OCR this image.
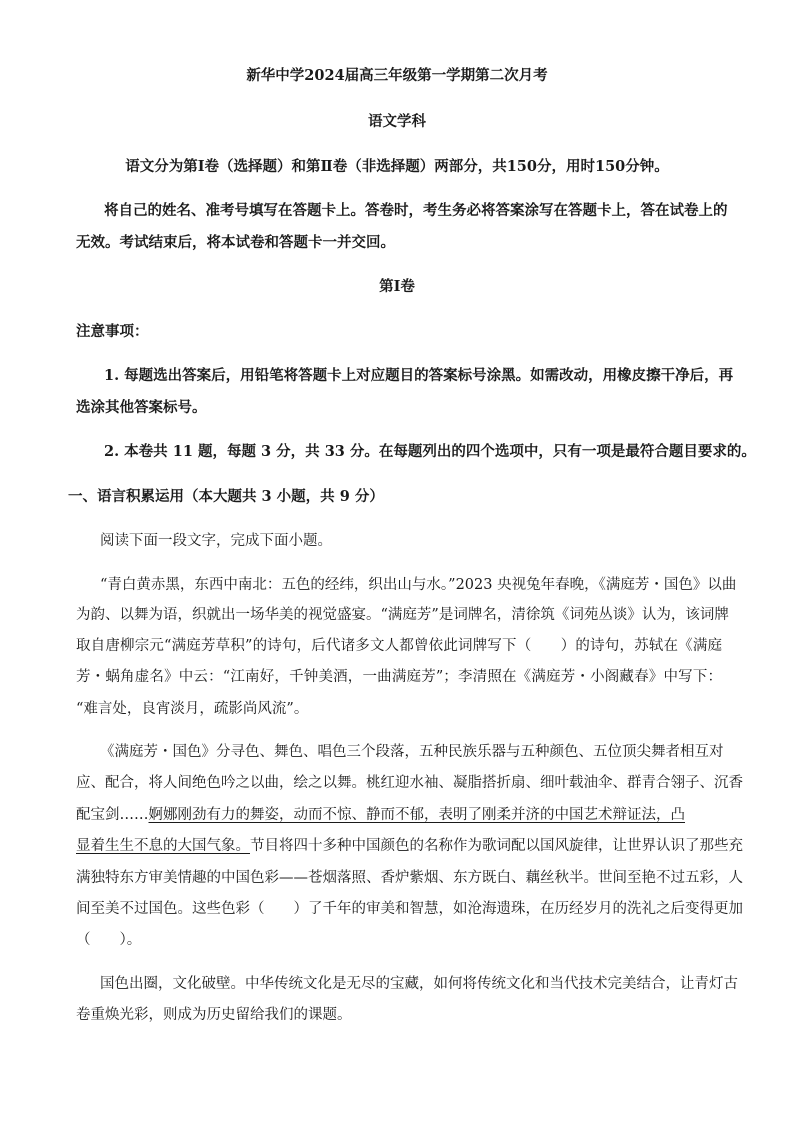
新华中学2024届高三年级第一学期第二次月考

语文学科

语文分为第Ⅰ卷（选择题）和第Ⅱ卷（非选择题）两部分，共150分，用时150分钟。

将自己的姓名、准考号填写在答题卡上。答卷时，考生务必将答案涂写在答题卡上，答在试卷上的

无效。考试结束后，将本试卷和答题卡一并交回。

第Ⅰ卷

注意事项：

1. 每题选出答案后，用铅笔将答题卡上对应题目的答案标号涂黑。如需改动，用橡皮擦干净后，再

选涂其他答案标号。

2. 本卷共 11 题，每题 3 分，共 33 分。在每题列出的四个选项中，只有一项是最符合题目要求的。

一、语言积累运用（本大题共 3 小题，共 9 分）

阅读下面一段文字，完成下面小题。

“青白黄赤黑，东西中南北：五色的经纬，织出山与水。”2023 央视兔年春晚，《满庭芳・国色》以曲

为韵、以舞为语，织就出一场华美的视觉盛宴。“满庭芳”是词牌名，清徐筑《词苑丛谈》认为，该词牌

取自唐柳宗元“满庭芳草积”的诗句，后代诸多文人都曾依此词牌写下（　　）的诗句，苏轼在《满庭

芳・蜗角虚名》中云：“江南好，千钟美酒，一曲满庭芳”；李清照在《满庭芳・小阁藏春》中写下：

“难言处，良宵淡月，疏影尚风流”。

《满庭芳・国色》分寻色、舞色、唱色三个段落，五种民族乐器与五种颜色、五位顶尖舞者相互对

应、配合，将人间绝色吟之以曲，绘之以舞。桃红迎水袖、凝脂搭折扇、细叶载油伞、群青合翎子、沉香

配宝剑……婀娜刚劲有力的舞姿，动而不惊、静而不郁，表明了刚柔并济的中国艺术辩证法，凸

显着生生不息的大国气象。节目将四十多种中国颜色的名称作为歌词配以国风旋律，让世界认识了那些充

满独特东方审美情趣的中国色彩——苍烟落照、香炉紫烟、东方既白、藕丝秋半。世间至艳不过五彩，人

间至美不过国色。这些色彩（　　）了千年的审美和智慧，如沧海遗珠，在历经岁月的洗礼之后变得更加

（　　）。

国色出圈，文化破壁。中华传统文化是无尽的宝藏，如何将传统文化和当代技术完美结合，让青灯古

卷重焕光彩，则成为历史留给我们的课题。
